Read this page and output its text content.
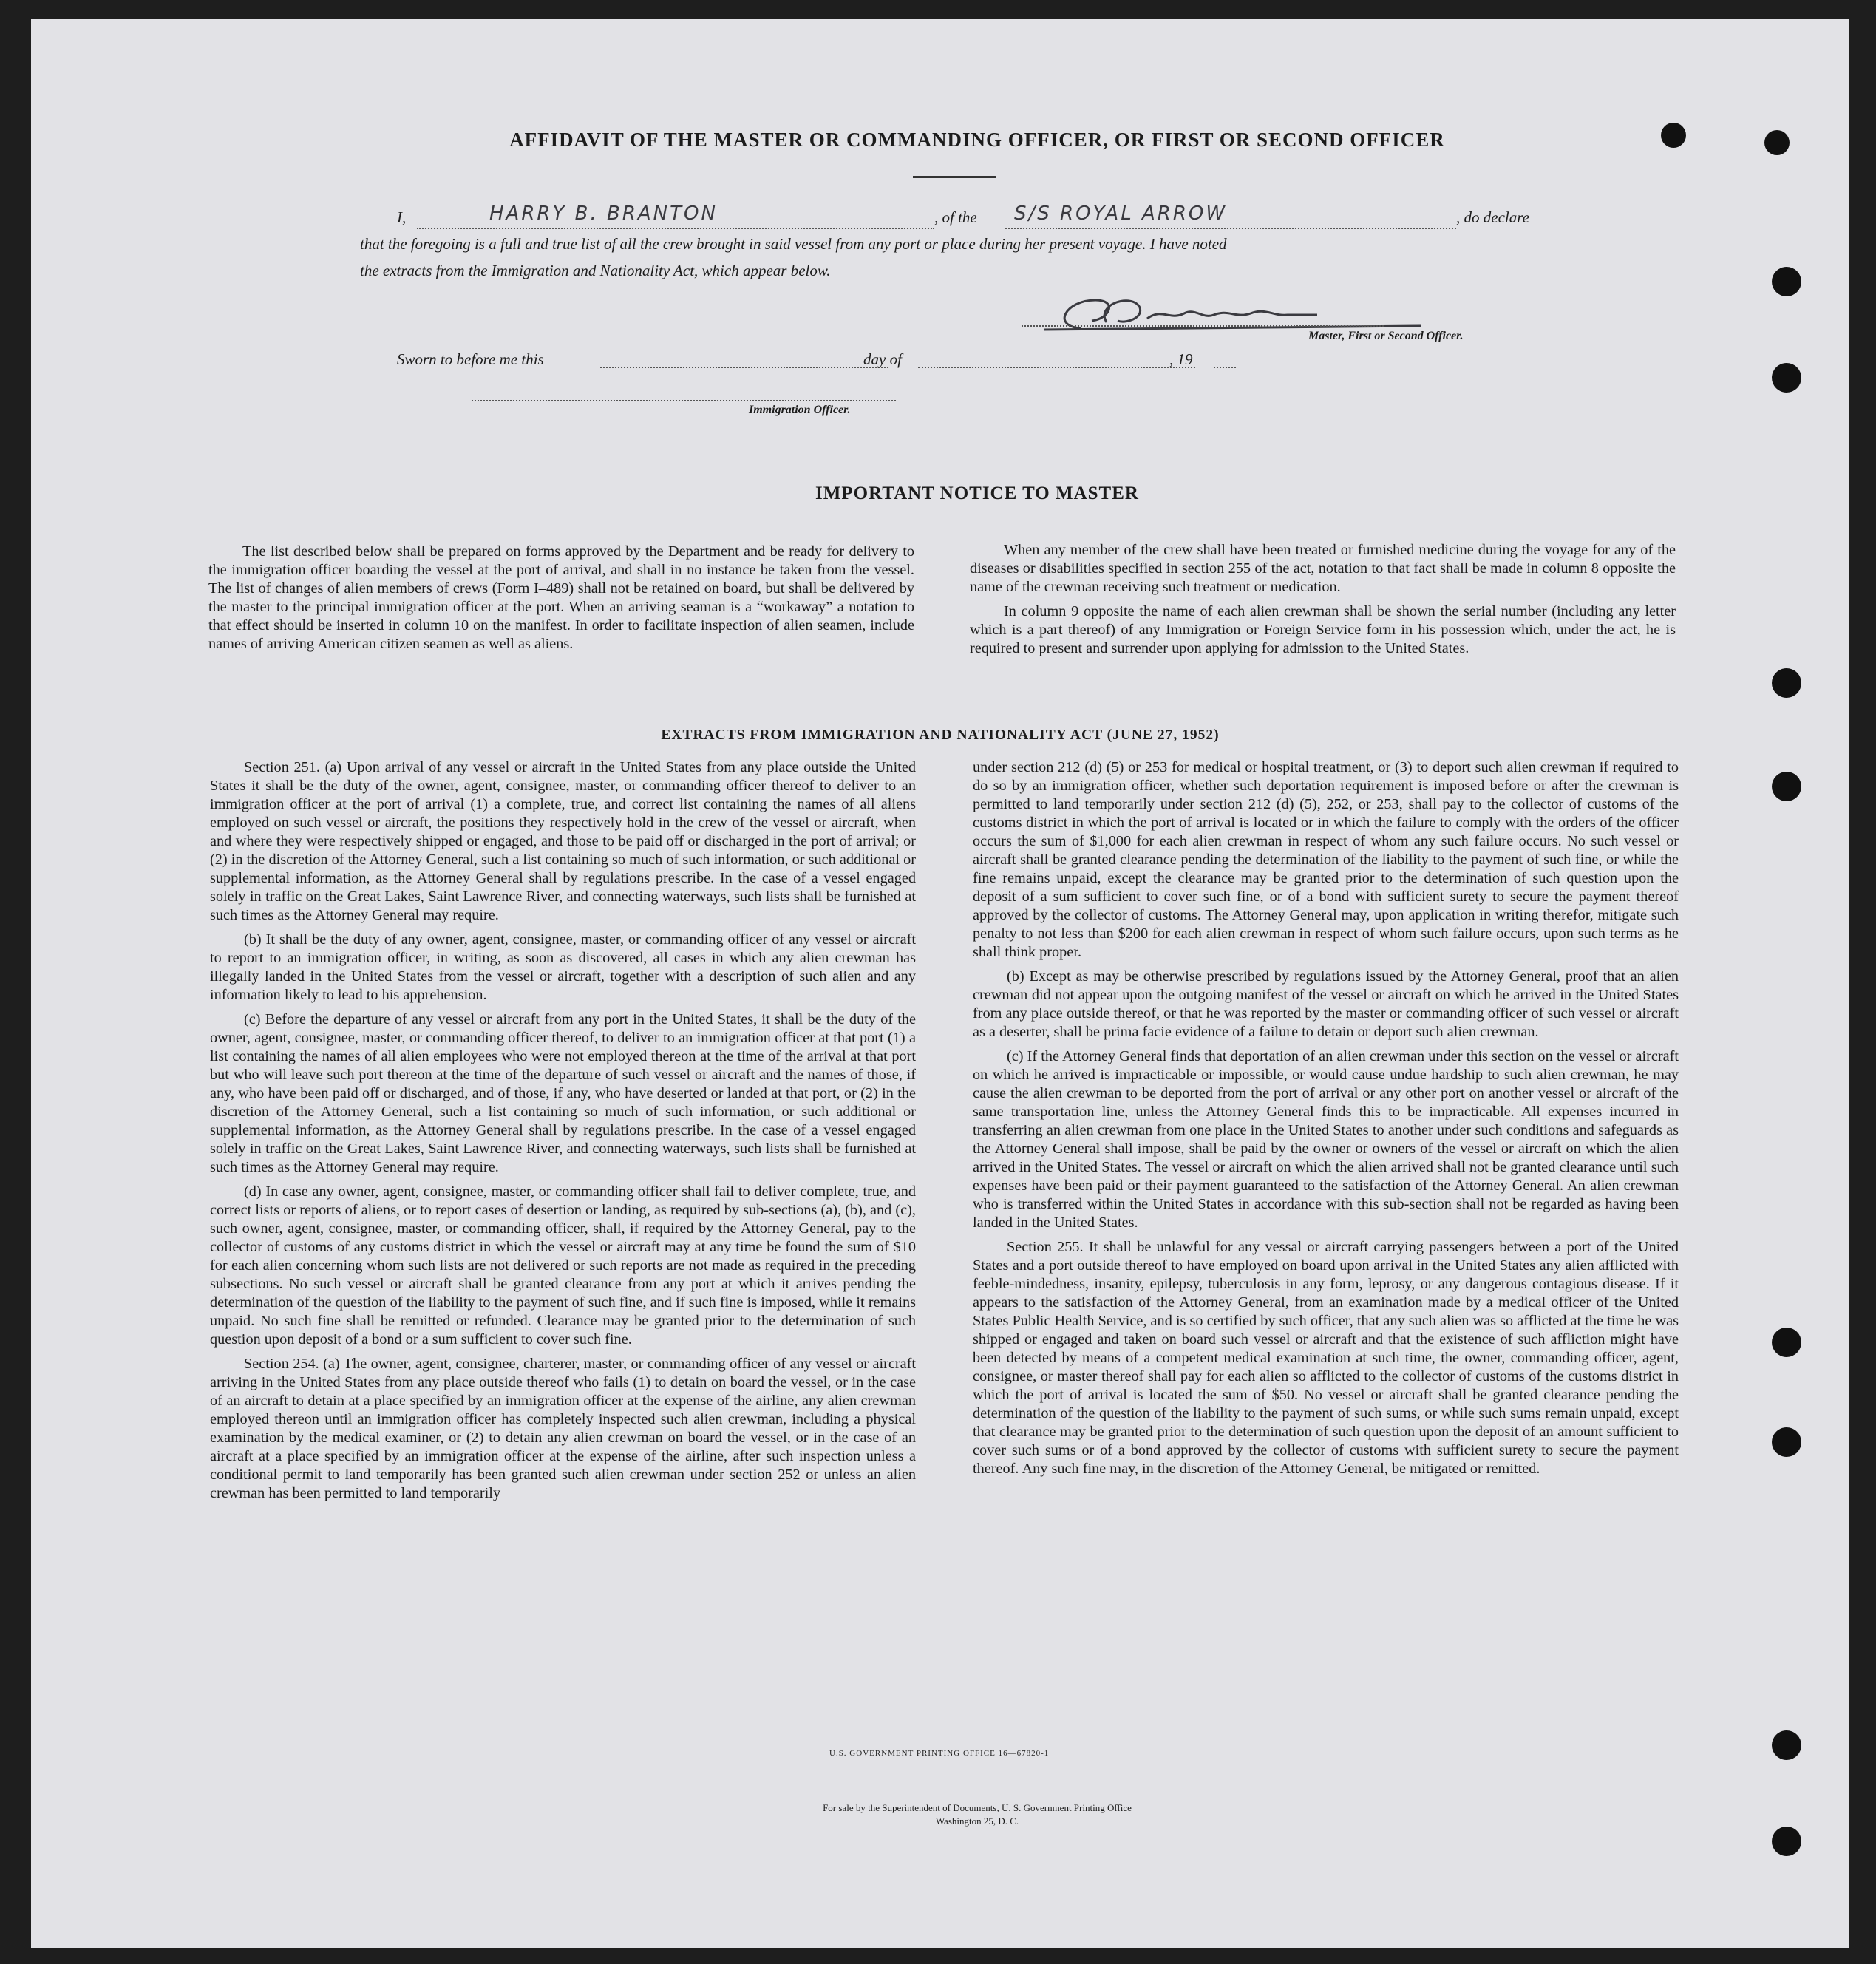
AFFIDAVIT OF THE MASTER OR COMMANDING OFFICER, OR FIRST OR SECOND OFFICER
I,	HARRY B. BRANTON	, of the S/S ROYAL ARROW	, do declare
that the foregoing is a full and true list of all the crew brought in said vessel from any port or place during her present voyage. I have noted
the extracts from the Immigration and Nationality Act, which appear below.
Master, First or Second Officer.
Sworn to before me this	day of	, 19
Immigration Officer.
IMPORTANT NOTICE TO MASTER

The list described below shall be prepared on forms approved by the Department and be ready for delivery to the immigration officer boarding the vessel at the port of arrival, and shall in no instance be taken from the vessel. The list of changes of alien members of crews (Form I–489) shall not be retained on board, but shall be delivered by the master to the principal immigration officer at the port. When an arriving seaman is a “workaway” a notation to that effect should be inserted in column 10 on the manifest. In order to facilitate inspection of alien seamen, include names of arriving American citizen seamen as well as aliens.

When any member of the crew shall have been treated or furnished medicine during the voyage for any of the diseases or disabilities specified in section 255 of the act, notation to that fact shall be made in column 8 opposite the name of the crewman receiving such treatment or medication.

In column 9 opposite the name of each alien crewman shall be shown the serial number (including any letter which is a part thereof) of any Immigration or Foreign Service form in his possession which, under the act, he is required to present and surrender upon applying for admission to the United States.

EXTRACTS FROM IMMIGRATION AND NATIONALITY ACT (JUNE 27, 1952)

Section 251. (a) Upon arrival of any vessel or aircraft in the United States from any place outside the United States it shall be the duty of the owner, agent, consignee, master, or commanding officer thereof to deliver to an immigration officer at the port of arrival (1) a complete, true, and correct list containing the names of all aliens employed on such vessel or aircraft, the positions they respectively hold in the crew of the vessel or aircraft, when and where they were respectively shipped or engaged, and those to be paid off or discharged in the port of arrival; or (2) in the discretion of the Attorney General, such a list containing so much of such information, or such additional or supplemental information, as the Attorney General shall by regulations prescribe. In the case of a vessel engaged solely in traffic on the Great Lakes, Saint Lawrence River, and connecting waterways, such lists shall be furnished at such times as the Attorney General may require.

(b) It shall be the duty of any owner, agent, consignee, master, or commanding officer of any vessel or aircraft to report to an immigration officer, in writing, as soon as discovered, all cases in which any alien crewman has illegally landed in the United States from the vessel or aircraft, together with a description of such alien and any information likely to lead to his apprehension.

(c) Before the departure of any vessel or aircraft from any port in the United States, it shall be the duty of the owner, agent, consignee, master, or commanding officer thereof, to deliver to an immigration officer at that port (1) a list containing the names of all alien employees who were not employed thereon at the time of the arrival at that port but who will leave such port thereon at the time of the departure of such vessel or aircraft and the names of those, if any, who have been paid off or discharged, and of those, if any, who have deserted or landed at that port, or (2) in the discretion of the Attorney General, such a list containing so much of such information, or such additional or supplemental information, as the Attorney General shall by regulations prescribe. In the case of a vessel engaged solely in traffic on the Great Lakes, Saint Lawrence River, and connecting waterways, such lists shall be furnished at such times as the Attorney General may require.

(d) In case any owner, agent, consignee, master, or commanding officer shall fail to deliver complete, true, and correct lists or reports of aliens, or to report cases of desertion or landing, as required by sub-sections (a), (b), and (c), such owner, agent, consignee, master, or commanding officer, shall, if required by the Attorney General, pay to the collector of customs of any customs district in which the vessel or aircraft may at any time be found the sum of $10 for each alien concerning whom such lists are not delivered or such reports are not made as required in the preceding subsections. No such vessel or aircraft shall be granted clearance from any port at which it arrives pending the determination of the question of the liability to the payment of such fine, and if such fine is imposed, while it remains unpaid. No such fine shall be remitted or refunded. Clearance may be granted prior to the determination of such question upon deposit of a bond or a sum sufficient to cover such fine.

Section 254. (a) The owner, agent, consignee, charterer, master, or commanding officer of any vessel or aircraft arriving in the United States from any place outside thereof who fails (1) to detain on board the vessel, or in the case of an aircraft to detain at a place specified by an immigration officer at the expense of the airline, any alien crewman employed thereon until an immigration officer has completely inspected such alien crewman, including a physical examination by the medical examiner, or (2) to detain any alien crewman on board the vessel, or in the case of an aircraft at a place specified by an immigration officer at the expense of the airline, after such inspection unless a conditional permit to land temporarily has been granted such alien crewman under section 252 or unless an alien crewman has been permitted to land temporarily

under section 212 (d) (5) or 253 for medical or hospital treatment, or (3) to deport such alien crewman if required to do so by an immigration officer, whether such deportation requirement is imposed before or after the crewman is permitted to land temporarily under section 212 (d) (5), 252, or 253, shall pay to the collector of customs of the customs district in which the port of arrival is located or in which the failure to comply with the orders of the officer occurs the sum of $1,000 for each alien crewman in respect of whom any such failure occurs. No such vessel or aircraft shall be granted clearance pending the determination of the liability to the payment of such fine, or while the fine remains unpaid, except the clearance may be granted prior to the determination of such question upon the deposit of a sum sufficient to cover such fine, or of a bond with sufficient surety to secure the payment thereof approved by the collector of customs. The Attorney General may, upon application in writing therefor, mitigate such penalty to not less than $200 for each alien crewman in respect of whom such failure occurs, upon such terms as he shall think proper.

(b) Except as may be otherwise prescribed by regulations issued by the Attorney General, proof that an alien crewman did not appear upon the outgoing manifest of the vessel or aircraft on which he arrived in the United States from any place outside thereof, or that he was reported by the master or commanding officer of such vessel or aircraft as a deserter, shall be prima facie evidence of a failure to detain or deport such alien crewman.

(c) If the Attorney General finds that deportation of an alien crewman under this section on the vessel or aircraft on which he arrived is impracticable or impossible, or would cause undue hardship to such alien crewman, he may cause the alien crewman to be deported from the port of arrival or any other port on another vessel or aircraft of the same transportation line, unless the Attorney General finds this to be impracticable. All expenses incurred in transferring an alien crewman from one place in the United States to another under such conditions and safeguards as the Attorney General shall impose, shall be paid by the owner or owners of the vessel or aircraft on which the alien arrived in the United States. The vessel or aircraft on which the alien arrived shall not be granted clearance until such expenses have been paid or their payment guaranteed to the satisfaction of the Attorney General. An alien crewman who is transferred within the United States in accordance with this sub-section shall not be regarded as having been landed in the United States.

Section 255. It shall be unlawful for any vessal or aircraft carrying passengers between a port of the United States and a port outside thereof to have employed on board upon arrival in the United States any alien afflicted with feeble-mindedness, insanity, epilepsy, tuberculosis in any form, leprosy, or any dangerous contagious disease. If it appears to the satisfaction of the Attorney General, from an examination made by a medical officer of the United States Public Health Service, and is so certified by such officer, that any such alien was so afflicted at the time he was shipped or engaged and taken on board such vessel or aircraft and that the existence of such affliction might have been detected by means of a competent medical examination at such time, the owner, commanding officer, agent, consignee, or master thereof shall pay for each alien so afflicted to the collector of customs of the customs district in which the port of arrival is located the sum of $50. No vessel or aircraft shall be granted clearance pending the determination of the question of the liability to the payment of such sums, or while such sums remain unpaid, except that clearance may be granted prior to the determination of such question upon the deposit of an amount sufficient to cover such sums or of a bond approved by the collector of customs with sufficient surety to secure the payment thereof. Any such fine may, in the discretion of the Attorney General, be mitigated or remitted.

U.S. GOVERNMENT PRINTING OFFICE 16—67820-1
For sale by the Superintendent of Documents, U. S. Government Printing Office
Washington 25, D. C.
